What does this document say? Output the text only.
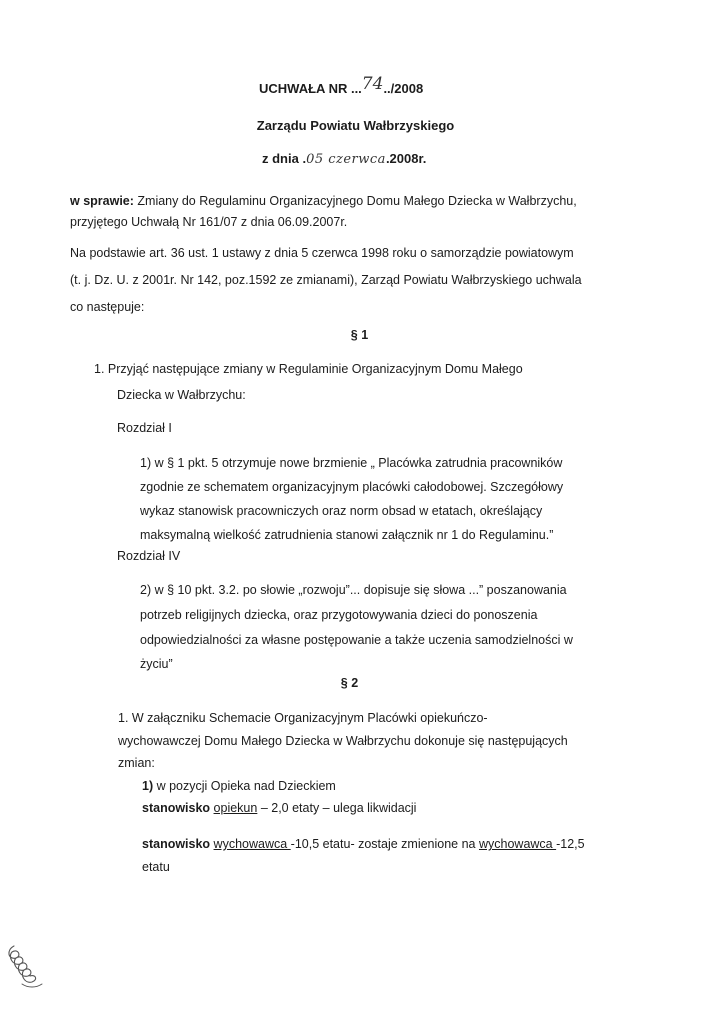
UCHWAŁA NR ...74../2008
Zarządu Powiatu Wałbrzyskiego
z dnia .05 czerwca.2008r.
w sprawie: Zmiany do Regulaminu Organizacyjnego Domu Małego Dziecka w Wałbrzychu,
przyjętego Uchwałą Nr 161/07 z dnia 06.09.2007r.
Na podstawie art. 36 ust. 1 ustawy z dnia 5 czerwca 1998 roku o samorządzie powiatowym
(t. j. Dz. U. z 2001r. Nr 142, poz.1592 ze zmianami), Zarząd Powiatu Wałbrzyskiego uchwala
co następuje:
§ 1
1. Przyjąć następujące zmiany w Regulaminie Organizacyjnym Domu Małego
Dziecka w Wałbrzychu:
Rozdział I
1) w § 1 pkt. 5 otrzymuje nowe brzmienie „ Placówka zatrudnia pracowników
zgodnie ze schematem organizacyjnym placówki całodobowej. Szczegółowy
wykaz stanowisk pracowniczych oraz norm obsad w etatach, określający
maksymalną wielkość zatrudnienia stanowi załącznik nr 1 do Regulaminu.”
Rozdział IV
2) w § 10 pkt. 3.2. po słowie „rozwoju”... dopisuje się słowa ...” poszanowania
potrzeb religijnych dziecka, oraz przygotowywania dzieci do ponoszenia
odpowiedzialności za własne postępowanie a także uczenia samodzielności w
życiu”
§ 2
1. W załączniku Schemacie Organizacyjnym Placówki opiekuńczo-
wychowawczej Domu Małego Dziecka w Wałbrzychu dokonuje się następujących
zmian:
1) w pozycji Opieka nad Dzieckiem
stanowisko opiekun – 2,0 etaty – ulega likwidacji
stanowisko wychowawca -10,5 etatu- zostaje zmienione na wychowawca -12,5
etatu
